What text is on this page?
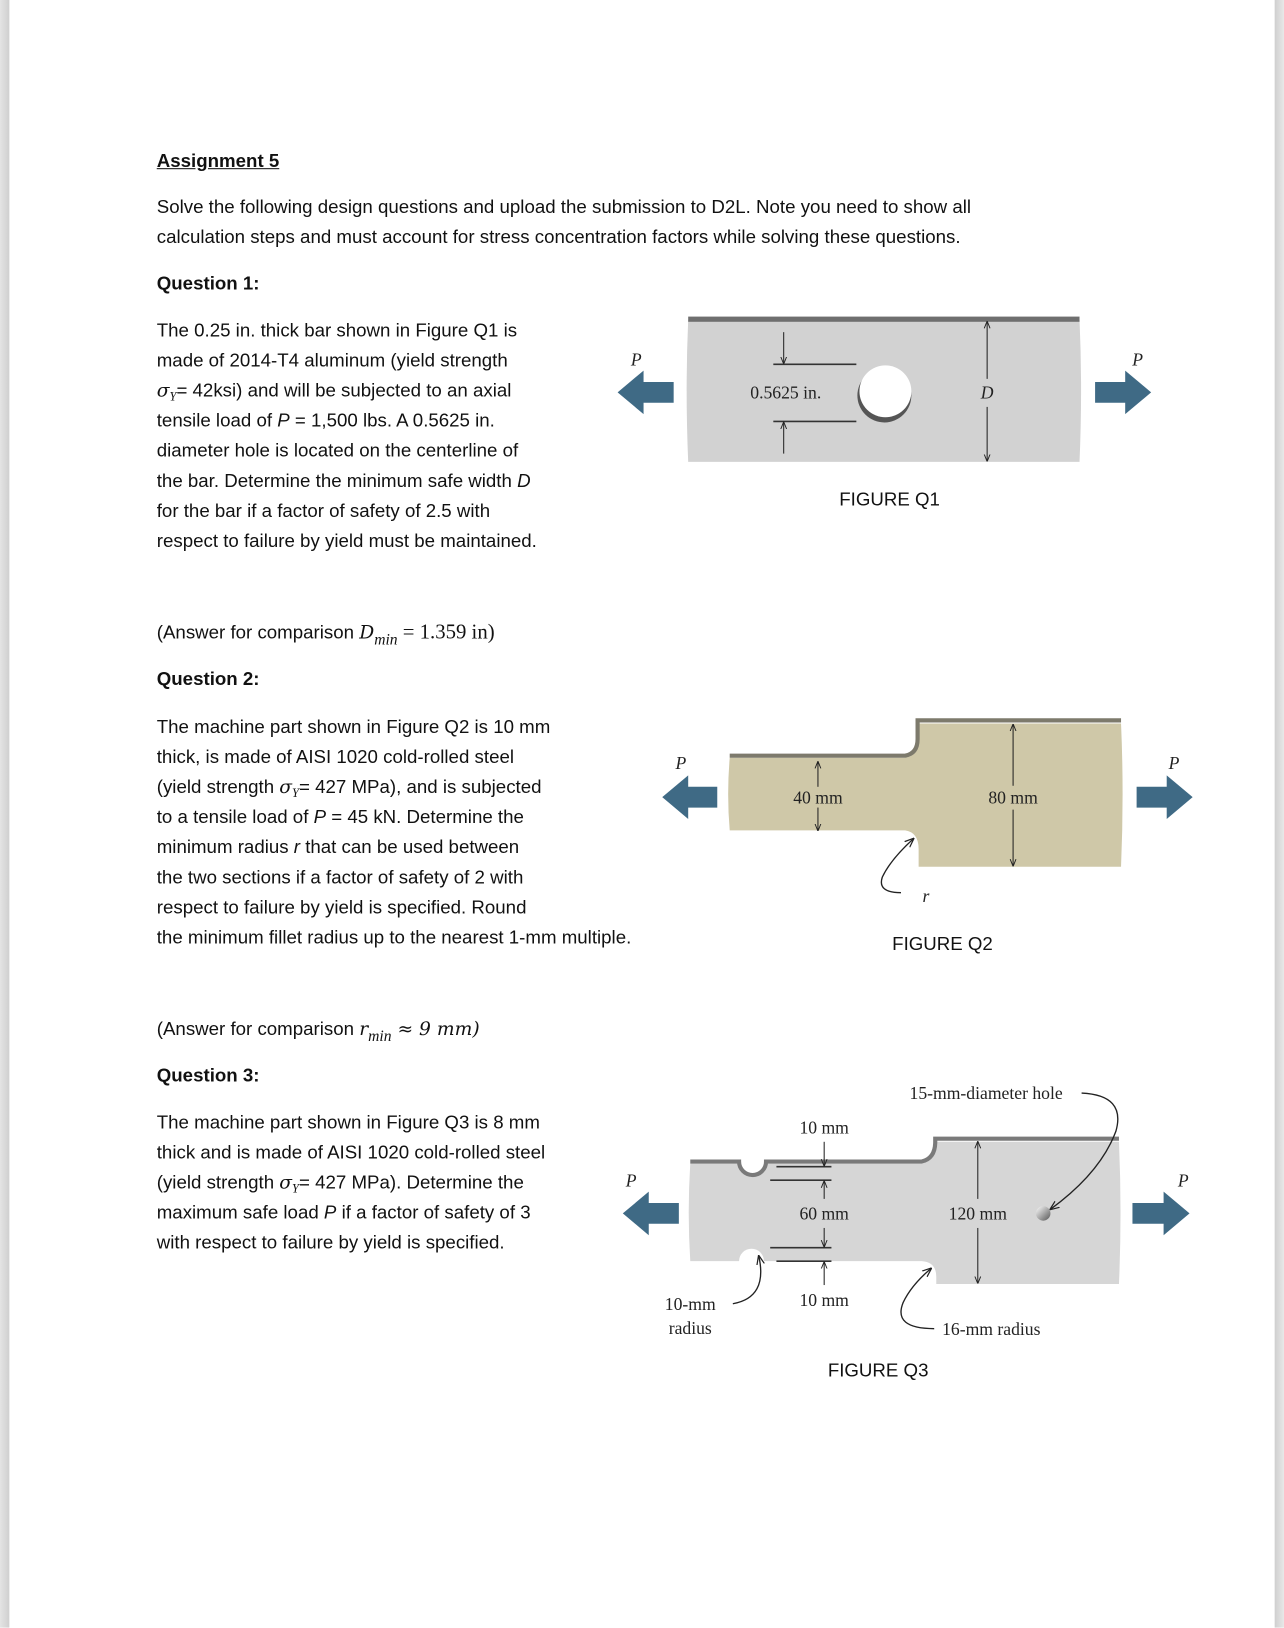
Assignment 5
Solve the following design questions and upload the submission to D2L. Note you need to show all
calculation steps and must account for stress concentration factors while solving these questions.
Question 1:
The 0.25 in. thick bar shown in Figure Q1 is
made of 2014-T4 aluminum (yield strength
$\sigma_Y= 42ksi$) and will be subjected to an axial
tensile load of P = 1,500 lbs. A 0.5625 in.
diameter hole is located on the centerline of
the bar. Determine the minimum safe width D
for the bar if a factor of safety of 2.5 with
respect to failure by yield must be maintained.
(Answer for comparison $D_{min} = 1.359$ in)
Question 2:
The machine part shown in Figure Q2 is 10 mm
thick, is made of AISI 1020 cold-rolled steel
(yield strength $\sigma_Y= 427$ MPa), and is subjected
to a tensile load of P = 45 kN. Determine the
minimum radius r that can be used between
the two sections if a factor of safety of 2 with
respect to failure by yield is specified. Round
the minimum fillet radius up to the nearest 1-mm multiple.
(Answer for comparison $r_{min} \approx 9$ mm)
Question 3:
The machine part shown in Figure Q3 is 8 mm
thick and is made of AISI 1020 cold-rolled steel
(yield strength $\sigma_Y= 427$ MPa). Determine the
maximum safe load P if a factor of safety of 3
with respect to failure by yield is specified.
0.5625 in.	D
P	P
FIGURE Q1
40 mm	80 mm
r
P	P
FIGURE Q2
10 mm
60 mm
10 mm
120 mm
15-mm-diameter hole
10-mm
radius	16-mm radius
P	P
FIGURE Q3
